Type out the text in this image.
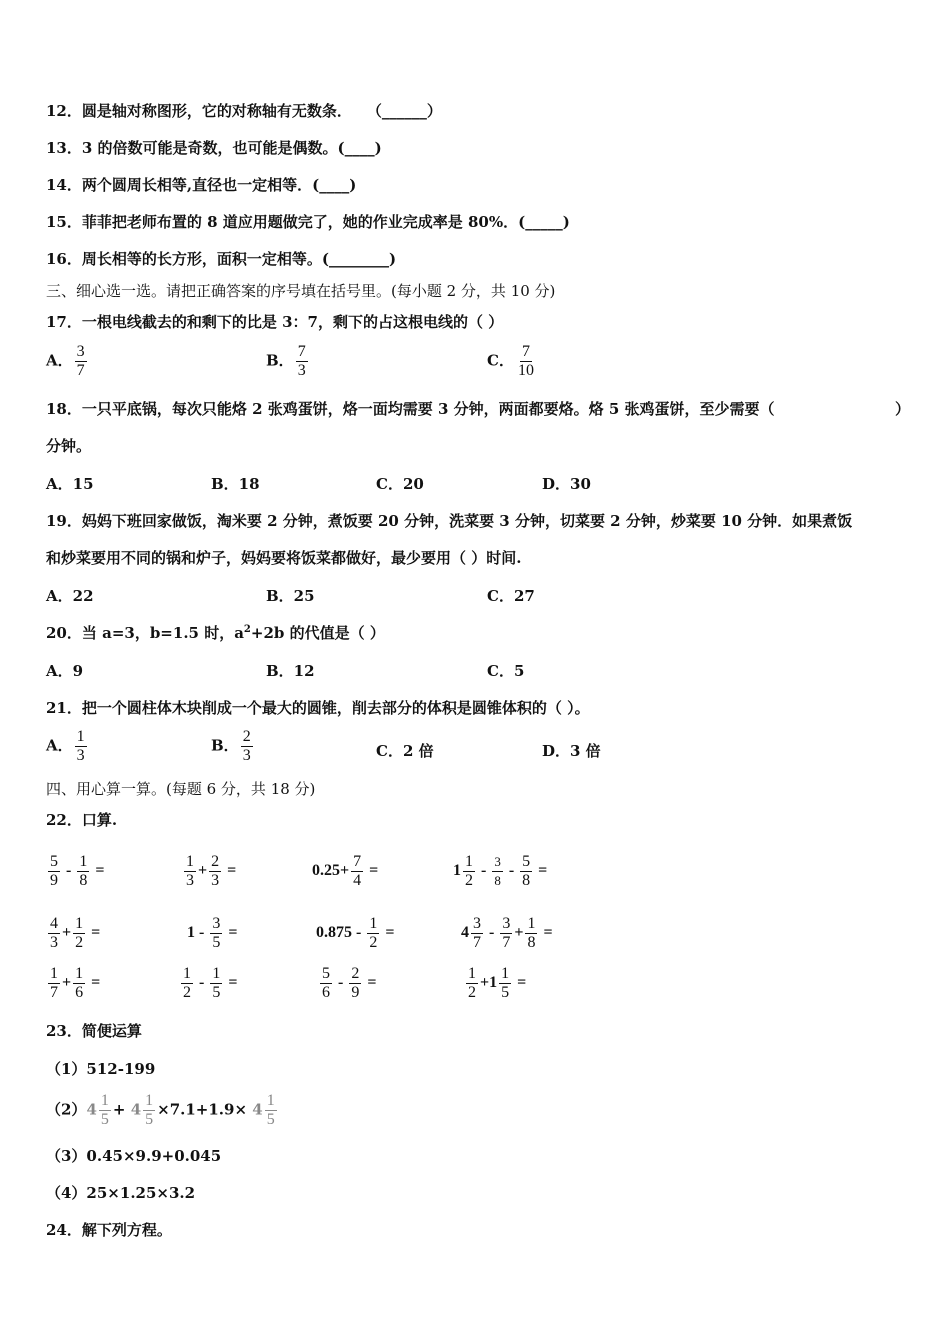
12．圆是轴对称图形，它的对称轴有无数条．　　（______）
13．3 的倍数可能是奇数，也可能是偶数。(____)
14．两个圆周长相等,直径也一定相等．(____)
15．菲菲把老师布置的 8 道应用题做完了，她的作业完成率是 80%．(_____)
16．周长相等的长方形，面积一定相等。(________)
三、细心选一选。请把正确答案的序号填在括号里。(每小题 2 分，共 10 分)
17．一根电线截去的和剩下的比是 3：7，剩下的占这根电线的（ ）
A． $\frac{3}{7}$	B． $\frac{7}{3}$	C． $\frac{7}{10}$
18．一只平底锅，每次只能烙 2 张鸡蛋饼，烙一面均需要 3 分钟，两面都要烙。烙 5 张鸡蛋饼，至少需要（	）
分钟。
A．15	B．18	C．20	D．30
19．妈妈下班回家做饭，淘米要 2 分钟，煮饭要 20 分钟，洗菜要 3 分钟，切菜要 2 分钟，炒菜要 10 分钟．如果煮饭
和炒菜要用不同的锅和炉子，妈妈要将饭菜都做好，最少要用（ ）时间.
A．22	B．25	C．27
20．当 a=3，b=1.5 时，$a^2+2b$ 的代值是（ ）
A．9	B．12	C．5
21．把一个圆柱体木块削成一个最大的圆锥，削去部分的体积是圆锥体积的（ ）。
A． $\frac{1}{3}$	B． $\frac{2}{3}$	C．2 倍	D．3 倍
四、用心算一算。(每题 6 分，共 18 分)
22．口算.
$\frac{5}{9} - \frac{1}{8}$ =	$\frac{1}{3} + \frac{2}{3}$ =	$0.25+ \frac{7}{4}$ =	$1 \frac{1}{2} - \frac{3}{8} - \frac{5}{8}$ =
$\frac{4}{3} + \frac{1}{2}$ =	$1 - \frac{3}{5}$ =	$0.875 - \frac{1}{2}$ =	$4 \frac{3}{7} - \frac{3}{7} + \frac{1}{8}$ =
$\frac{1}{7} + \frac{1}{6}$ =	$\frac{1}{2} - \frac{1}{5}$ =	$\frac{5}{6} - \frac{2}{9}$ =	$\frac{1}{2} +1 \frac{1}{5}$ =
23．简便运算
（1）512-199
$(2)4 \frac{1}{5} + 4 \frac{1}{5} \times 7.1+1.9\times 4 \frac{1}{5}$
（3）0.45×9.9+0.045
（4）25×1.25×3.2
24．解下列方程。
